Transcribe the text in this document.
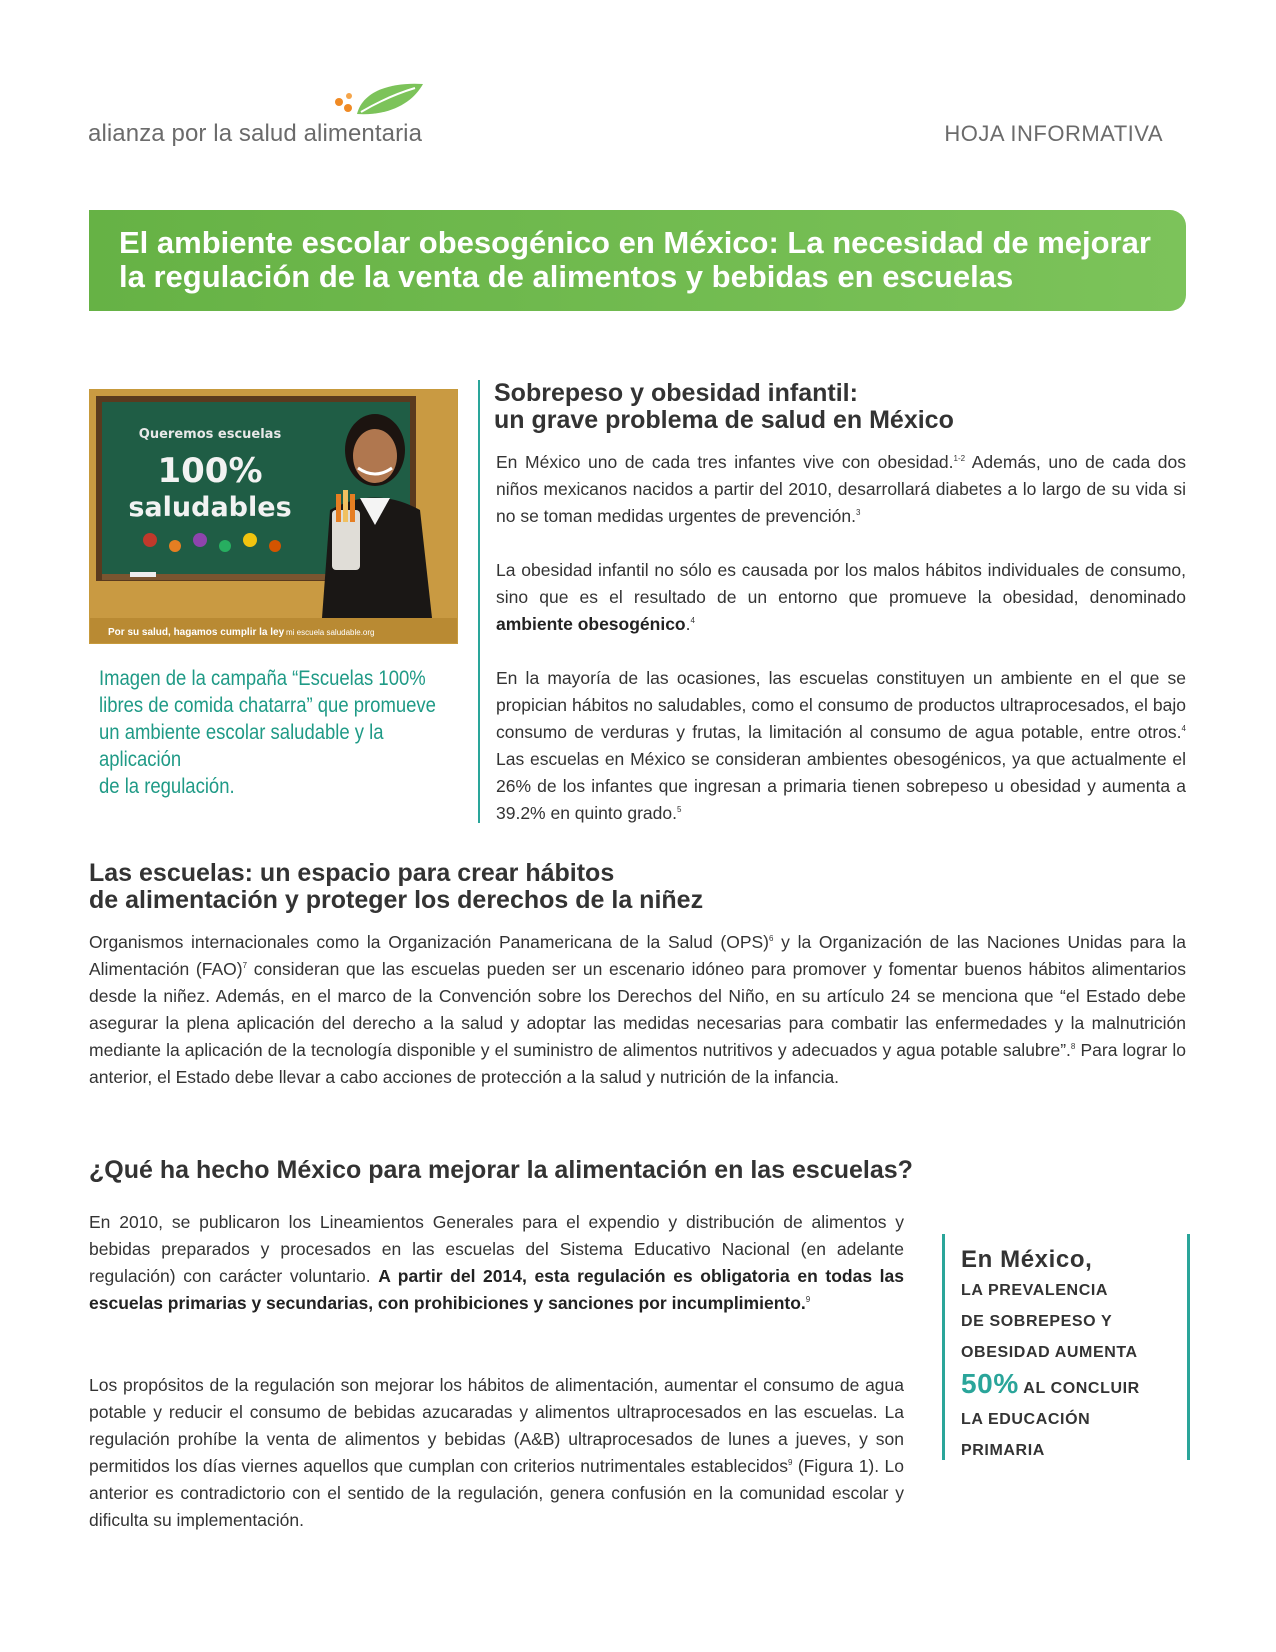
alianza por la salud alimentaria	HOJA INFORMATIVA
El ambiente escolar obesogénico en México: La necesidad de mejorar
la regulación de la venta de alimentos y bebidas en escuelas
Queremos escuelas
100%
saludables
Por su salud, hagamos cumplir la ley mi escuela saludable.org
Imagen de la campaña “Escuelas 100%
libres de comida chatarra” que promueve
un ambiente escolar saludable y la aplicación
de la regulación.
Sobrepeso y obesidad infantil:
un grave problema de salud en México

En México uno de cada tres infantes vive con obesidad.$^{1-2}$ Además, uno de cada dos niños mexicanos nacidos a partir del 2010, desarrollará diabetes a lo largo de su vida si no se toman medidas urgentes de prevención.$^3$

La obesidad infantil no sólo es causada por los malos hábitos individuales de consumo, sino que es el resultado de un entorno que promueve la obesidad, denominado ambiente obesogénico.$^4$

En la mayoría de las ocasiones, las escuelas constituyen un ambiente en el que se propician hábitos no saludables, como el consumo de productos ultraprocesados, el bajo consumo de verduras y frutas, la limitación al consumo de agua potable, entre otros.$^4$ Las escuelas en México se consideran ambientes obesogénicos, ya que actualmente el 26% de los infantes que ingresan a primaria tienen sobrepeso u obesidad y aumenta a 39.2% en quinto grado.$^5$

Las escuelas: un espacio para crear hábitos
de alimentación y proteger los derechos de la niñez

Organismos internacionales como la Organización Panamericana de la Salud (OPS)$^6$ y la Organización de las Naciones Unidas para la Alimentación (FAO)$^7$ consideran que las escuelas pueden ser un escenario idóneo para promover y fomentar buenos hábitos alimentarios desde la niñez. Además, en el marco de la Convención sobre los Derechos del Niño, en su artículo 24 se menciona que “el Estado debe asegurar la plena aplicación del derecho a la salud y adoptar las medidas necesarias para combatir las enfermedades y la malnutrición mediante la aplicación de la tecnología disponible y el suministro de alimentos nutritivos y adecuados y agua potable salubre”.$^8$ Para lograr lo anterior, el Estado debe llevar a cabo acciones de protección a la salud y nutrición de la infancia.

¿Qué ha hecho México para mejorar la alimentación en las escuelas?

En 2010, se publicaron los Lineamientos Generales para el expendio y distribución de alimentos y bebidas preparados y procesados en las escuelas del Sistema Educativo Nacional (en adelante regulación) con carácter voluntario. A partir del 2014, esta regulación es obligatoria en todas las escuelas primarias y secundarias, con prohibiciones y sanciones por incumplimiento.$^9$

Los propósitos de la regulación son mejorar los hábitos de alimentación, aumentar el consumo de agua potable y reducir el consumo de bebidas azucaradas y alimentos ultraprocesados en las escuelas. La regulación prohíbe la venta de alimentos y bebidas (A&B) ultraprocesados de lunes a jueves, y son permitidos los días viernes aquellos que cumplan con criterios nutrimentales establecidos$^9$ (Figura 1). Lo anterior es contradictorio con el sentido de la regulación, genera confusión en la comunidad escolar y dificulta su implementación.

En México,
LA PREVALENCIA
DE SOBREPESO Y
OBESIDAD AUMENTA
50% AL CONCLUIR
LA EDUCACIÓN
PRIMARIA
